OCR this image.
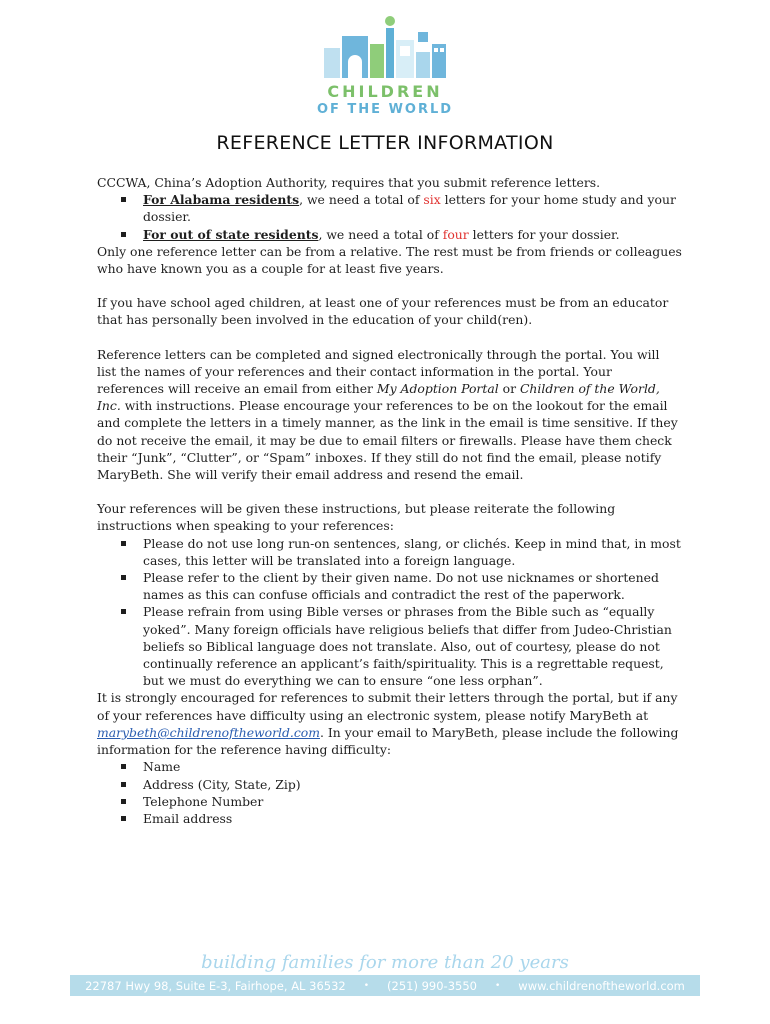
CHILDREN
OF THE WORLD
REFERENCE LETTER INFORMATION
CCCWA, China’s Adoption Authority, requires that you submit reference letters.
For Alabama residents, we need a total of six letters for your home study and your dossier.
For out of state residents, we need a total of four letters for your dossier.

Only one reference letter can be from a relative. The rest must be from friends or colleagues who have known you as a couple for at least five years.

If you have school aged children, at least one of your references must be from an educator that has personally been involved in the education of your child(ren).

Reference letters can be completed and signed electronically through the portal. You will list the names of your references and their contact information in the portal. Your references will receive an email from either My Adoption Portal or Children of the World, Inc. with instructions. Please encourage your references to be on the lookout for the email and complete the letters in a timely manner, as the link in the email is time sensitive. If they do not receive the email, it may be due to email filters or firewalls. Please have them check their “Junk”, “Clutter”, or “Spam” inboxes. If they still do not find the email, please notify MaryBeth. She will verify their email address and resend the email.

Your references will be given these instructions, but please reiterate the following instructions when speaking to your references:
Please do not use long run-on sentences, slang, or clichés. Keep in mind that, in most cases, this letter will be translated into a foreign language.
Please refer to the client by their given name. Do not use nicknames or shortened names as this can confuse officials and contradict the rest of the paperwork.
Please refrain from using Bible verses or phrases from the Bible such as “equally yoked”. Many foreign officials have religious beliefs that differ from Judeo-Christian beliefs so Biblical language does not translate. Also, out of courtesy, please do not continually reference an applicant’s faith/spirituality. This is a regrettable request, but we must do everything we can to ensure “one less orphan”.
It is strongly encouraged for references to submit their letters through the portal, but if any of your references have difficulty using an electronic system, please notify MaryBeth at marybeth@childrenoftheworld.com. In your email to MaryBeth, please include the following information for the reference having difficulty:
Name
Address (City, State, Zip)
Telephone Number
Email address
building families for more than 20 years
22787 Hwy 98, Suite E-3, Fairhope, AL 36532 • (251) 990-3550 • www.childrenoftheworld.com
